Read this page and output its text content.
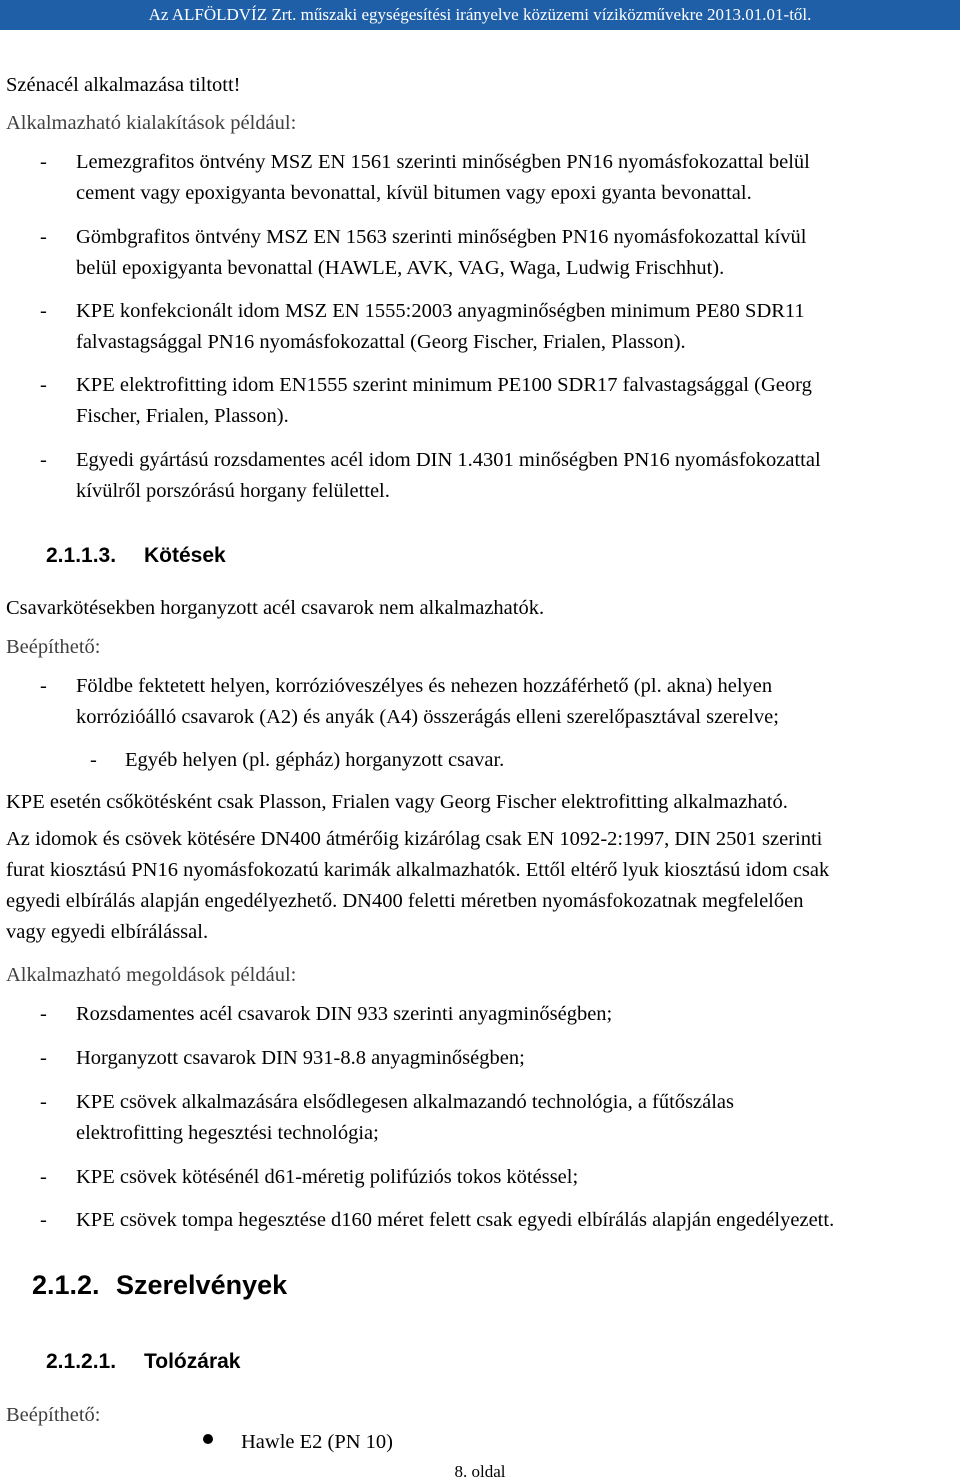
Az ALFÖLDVÍZ Zrt. műszaki egységesítési irányelve közüzemi víziközművekre 2013.01.01-től.
Szénacél alkalmazása tiltott!
Alkalmazható kialakítások például:
- Lemezgrafitos öntvény MSZ EN 1561 szerinti minőségben PN16 nyomásfokozattal belül
cement vagy epoxigyanta bevonattal, kívül bitumen vagy epoxi gyanta bevonattal.
- Gömbgrafitos öntvény MSZ EN 1563 szerinti minőségben PN16 nyomásfokozattal kívül
belül epoxigyanta bevonattal (HAWLE, AVK, VAG, Waga, Ludwig Frischhut).
- KPE konfekcionált idom MSZ EN 1555:2003 anyagminőségben minimum PE80 SDR11
falvastagsággal PN16 nyomásfokozattal (Georg Fischer, Frialen, Plasson).
- KPE elektrofitting idom EN1555 szerint minimum PE100 SDR17 falvastagsággal (Georg
Fischer, Frialen, Plasson).
- Egyedi gyártású rozsdamentes acél idom DIN 1.4301 minőségben PN16 nyomásfokozattal
kívülről porszórású horgany felülettel.
2.1.1.3. Kötések
Csavarkötésekben horganyzott acél csavarok nem alkalmazhatók.
Beépíthető:
- Földbe fektetett helyen, korrózióveszélyes és nehezen hozzáférhető (pl. akna) helyen
korrózióálló csavarok (A2) és anyák (A4) összerágás elleni szerelőpasztával szerelve;
- Egyéb helyen (pl. gépház) horganyzott csavar.
KPE esetén csőkötésként csak Plasson, Frialen vagy Georg Fischer elektrofitting alkalmazható.
Az idomok és csövek kötésére DN400 átmérőig kizárólag csak EN 1092-2:1997, DIN 2501 szerinti
furat kiosztású PN16 nyomásfokozatú karimák alkalmazhatók. Ettől eltérő lyuk kiosztású idom csak
egyedi elbírálás alapján engedélyezhető. DN400 feletti méretben nyomásfokozatnak megfelelően
vagy egyedi elbírálással.
Alkalmazható megoldások például:
- Rozsdamentes acél csavarok DIN 933 szerinti anyagminőségben;
- Horganyzott csavarok DIN 931-8.8 anyagminőségben;
- KPE csövek alkalmazására elsődlegesen alkalmazandó technológia, a fűtőszálas
elektrofitting hegesztési technológia;
- KPE csövek kötésénél d61-méretig polifúziós tokos kötéssel;
- KPE csövek tompa hegesztése d160 méret felett csak egyedi elbírálás alapján engedélyezett.
2.1.2. Szerelvények
2.1.2.1. Tolózárak
Beépíthető:
Hawle E2 (PN 10)
8. oldal
